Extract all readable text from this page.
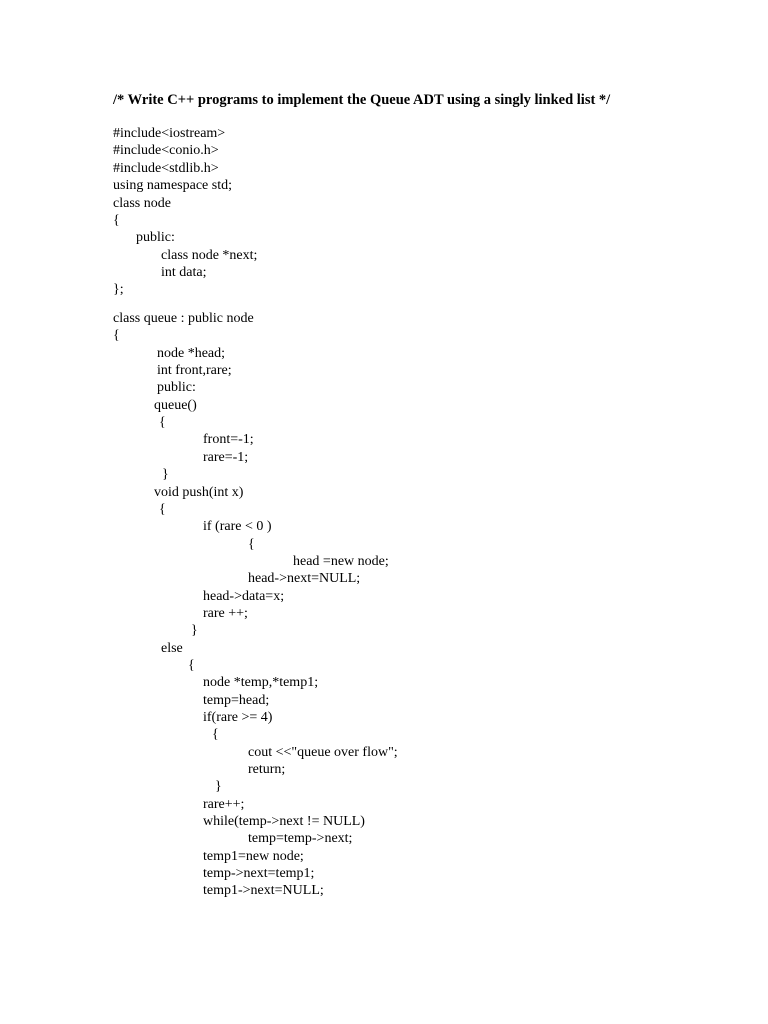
/* Write C++ programs to implement the Queue ADT using a singly linked list */
#include<iostream>
#include<conio.h>
#include<stdlib.h>
using namespace std;
class node
{
public:
class node *next;
int data;
};
class queue : public node
{
node *head;
int front,rare;
public:
queue()
{
front=-1;
rare=-1;
}
void push(int x)
{
if (rare < 0 )
{
head =new node;
head->next=NULL;
head->data=x;
rare ++;
}
else
{
node *temp,*temp1;
temp=head;
if(rare >= 4)
{
cout <<"queue over flow";
return;
}
rare++;
while(temp->next != NULL)
temp=temp->next;
temp1=new node;
temp->next=temp1;
temp1->next=NULL;
